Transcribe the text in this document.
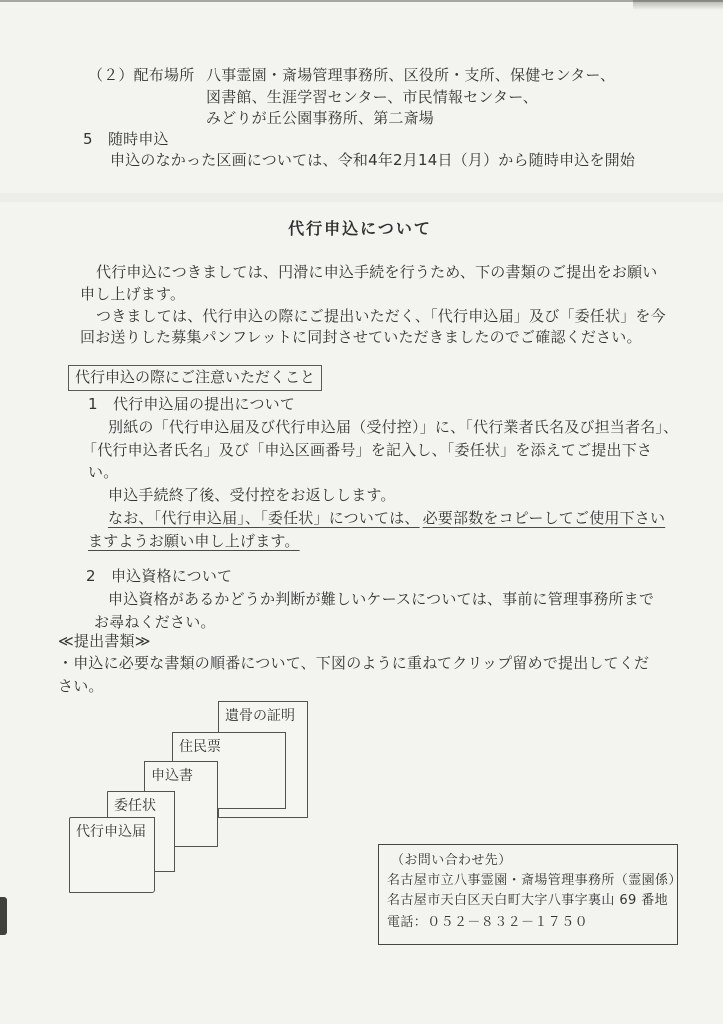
（２）配布場所 八事霊園・斎場管理事務所、区役所・支所、保健センター、
図書館、生涯学習センター、市民情報センター、
みどりが丘公園事務所、第二斎場
5　随時申込
申込のなかった区画については、令和4年2月14日（月）から随時申込を開始
代行申込について
代行申込につきましては、円滑に申込手続を行うため、下の書類のご提出をお願い
申し上げます。
つきましては、代行申込の際にご提出いただく、「代行申込届」及び「委任状」を今
回お送りした募集パンフレットに同封させていただきましたのでご確認ください。
代行申込の際にご注意いただくこと
1　代行申込届の提出について
別紙の「代行申込届及び代行申込届（受付控）」に、「代行業者氏名及び担当者名」、
「代行申込者氏名」及び「申込区画番号」を記入し、「委任状」を添えてご提出下さ
い。
申込手続終了後、受付控をお返しします。
なお、「代行申込届」、「委任状」については、 必要部数をコピーしてご使用下さい
ますようお願い申し上げます。
2　申込資格について
申込資格があるかどうか判断が難しいケースについては、事前に管理事務所まで
お尋ねください。
≪提出書類≫
・申込に必要な書類の順番について、下図のように重ねてクリップ留めで提出してくだ
さい。
遺骨の証明
住民票
申込書
委任状
代行申込届
（お問い合わせ先）
名古屋市立八事霊園・斎場管理事務所（霊園係）
名古屋市天白区天白町大字八事字裏山 69 番地
電話：０５２－８３２－１７５０
